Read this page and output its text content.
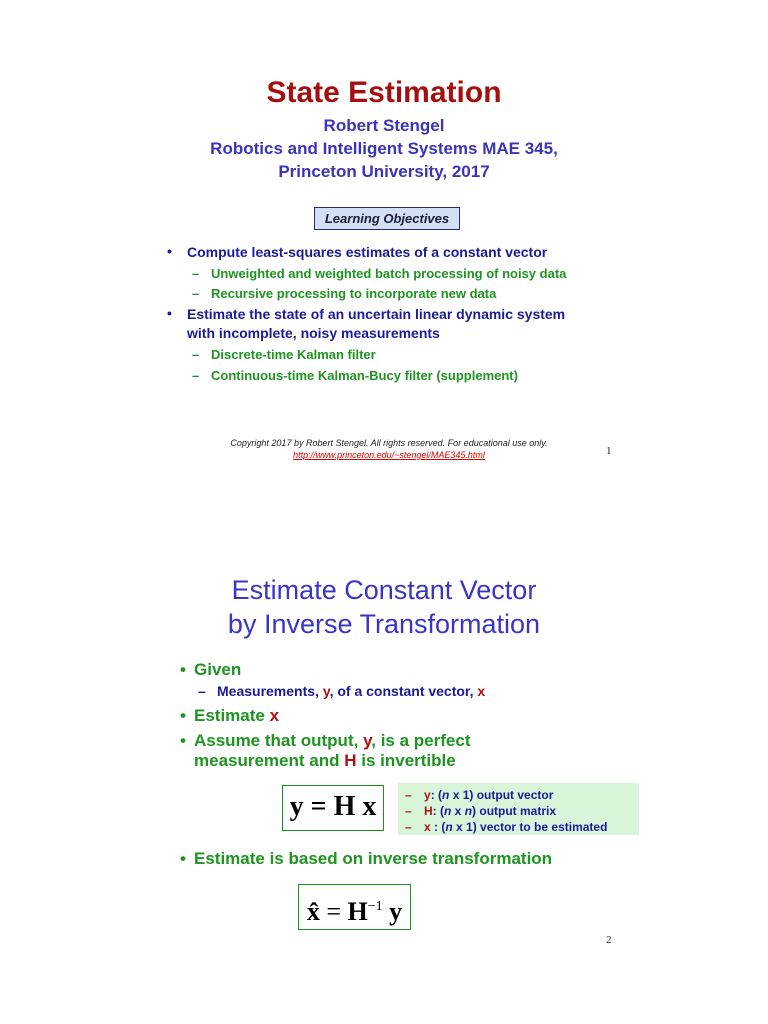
State Estimation
Robert Stengel
Robotics and Intelligent Systems MAE 345,
Princeton University, 2017
Learning Objectives
• Compute least-squares estimates of a constant vector
– Unweighted and weighted batch processing of noisy data
– Recursive processing to incorporate new data
• Estimate the state of an uncertain linear dynamic system
with incomplete, noisy measurements
– Discrete-time Kalman filter
– Continuous-time Kalman-Bucy filter (supplement)
Copyright 2017 by Robert Stengel. All rights reserved. For educational use only.
http://www.princeton.edu/~stengel/MAE345.html	1
Estimate Constant Vector
by Inverse Transformation
• Given
– Measurements, y, of a constant vector, x
• Estimate x
• Assume that output, y, is a perfect
measurement and H is invertible
y = H x	– y: (n x 1) output vector
– H: (n x n) output matrix
– x : (n x 1) vector to be estimated
• Estimate is based on inverse transformation
x̂ = $H^{-1}$ y
2
